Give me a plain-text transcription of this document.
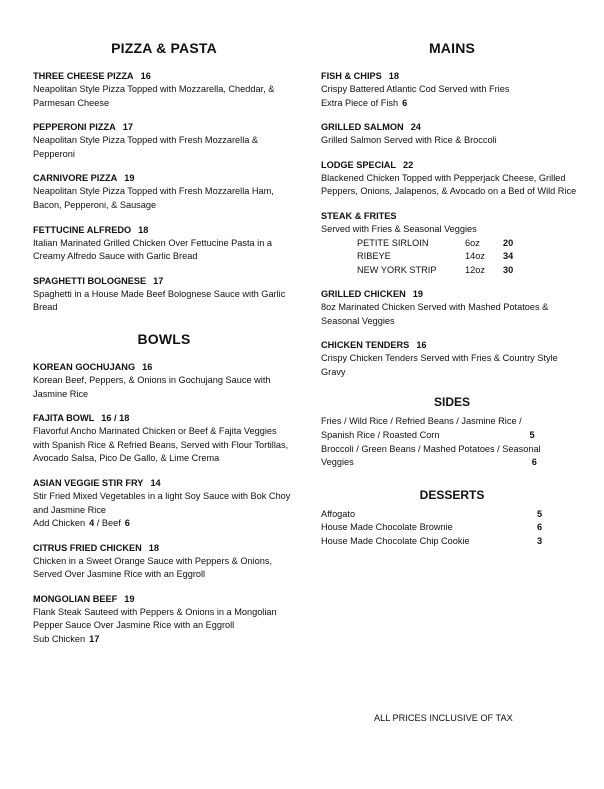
PIZZA & PASTA
THREE CHEESE PIZZA 16
Neapolitan Style Pizza Topped with Mozzarella, Cheddar, & Parmesan Cheese
PEPPERONI PIZZA 17
Neapolitan Style Pizza Topped with Fresh Mozzarella & Pepperoni
CARNIVORE PIZZA 19
Neapolitan Style Pizza Topped with Fresh Mozzarella Ham, Bacon, Pepperoni, & Sausage
FETTUCINE ALFREDO 18
Italian Marinated Grilled Chicken Over Fettucine Pasta in a Creamy Alfredo Sauce with Garlic Bread
SPAGHETTI BOLOGNESE 17
Spaghetti in a House Made Beef Bolognese Sauce with Garlic Bread
BOWLS
KOREAN GOCHUJANG 16
Korean Beef, Peppers, & Onions in Gochujang Sauce with Jasmine Rice
FAJITA BOWL 16 / 18
Flavorful Ancho Marinated Chicken or Beef & Fajita Veggies with Spanish Rice & Refried Beans, Served with Flour Tortillas, Avocado Salsa, Pico De Gallo, & Lime Crema
ASIAN VEGGIE STIR FRY 14
Stir Fried Mixed Vegetables in a light Soy Sauce with Bok Choy and Jasmine Rice
Add Chicken 4 / Beef 6
CITRUS FRIED CHICKEN 18
Chicken in a Sweet Orange Sauce with Peppers & Onions, Served Over Jasmine Rice with an Eggroll
MONGOLIAN BEEF 19
Flank Steak Sauteed with Peppers & Onions in a Mongolian Pepper Sauce Over Jasmine Rice with an Eggroll
Sub Chicken 17
MAINS
FISH & CHIPS 18
Crispy Battered Atlantic Cod Served with Fries
Extra Piece of Fish 6
GRILLED SALMON 24
Grilled Salmon Served with Rice & Broccoli
LODGE SPECIAL 22
Blackened Chicken Topped with Pepperjack Cheese, Grilled Peppers, Onions, Jalapenos, & Avocado on a Bed of Wild Rice
STEAK & FRITES
Served with Fries & Seasonal Veggies
PETITE SIRLOIN	6oz	20
RIBEYE	14oz	34
NEW YORK STRIP	12oz	30
GRILLED CHICKEN 19
8oz Marinated Chicken Served with Mashed Potatoes & Seasonal Veggies
CHICKEN TENDERS 16
Crispy Chicken Tenders Served with Fries & Country Style Gravy
SIDES
Fries / Wild Rice / Refried Beans / Jasmine Rice /
Spanish Rice / Roasted Corn	5
Broccoli / Green Beans / Mashed Potatoes / Seasonal
Veggies	6
DESSERTS
Affogato	5
House Made Chocolate Brownie	6
House Made Chocolate Chip Cookie	3
ALL PRICES INCLUSIVE OF TAX
